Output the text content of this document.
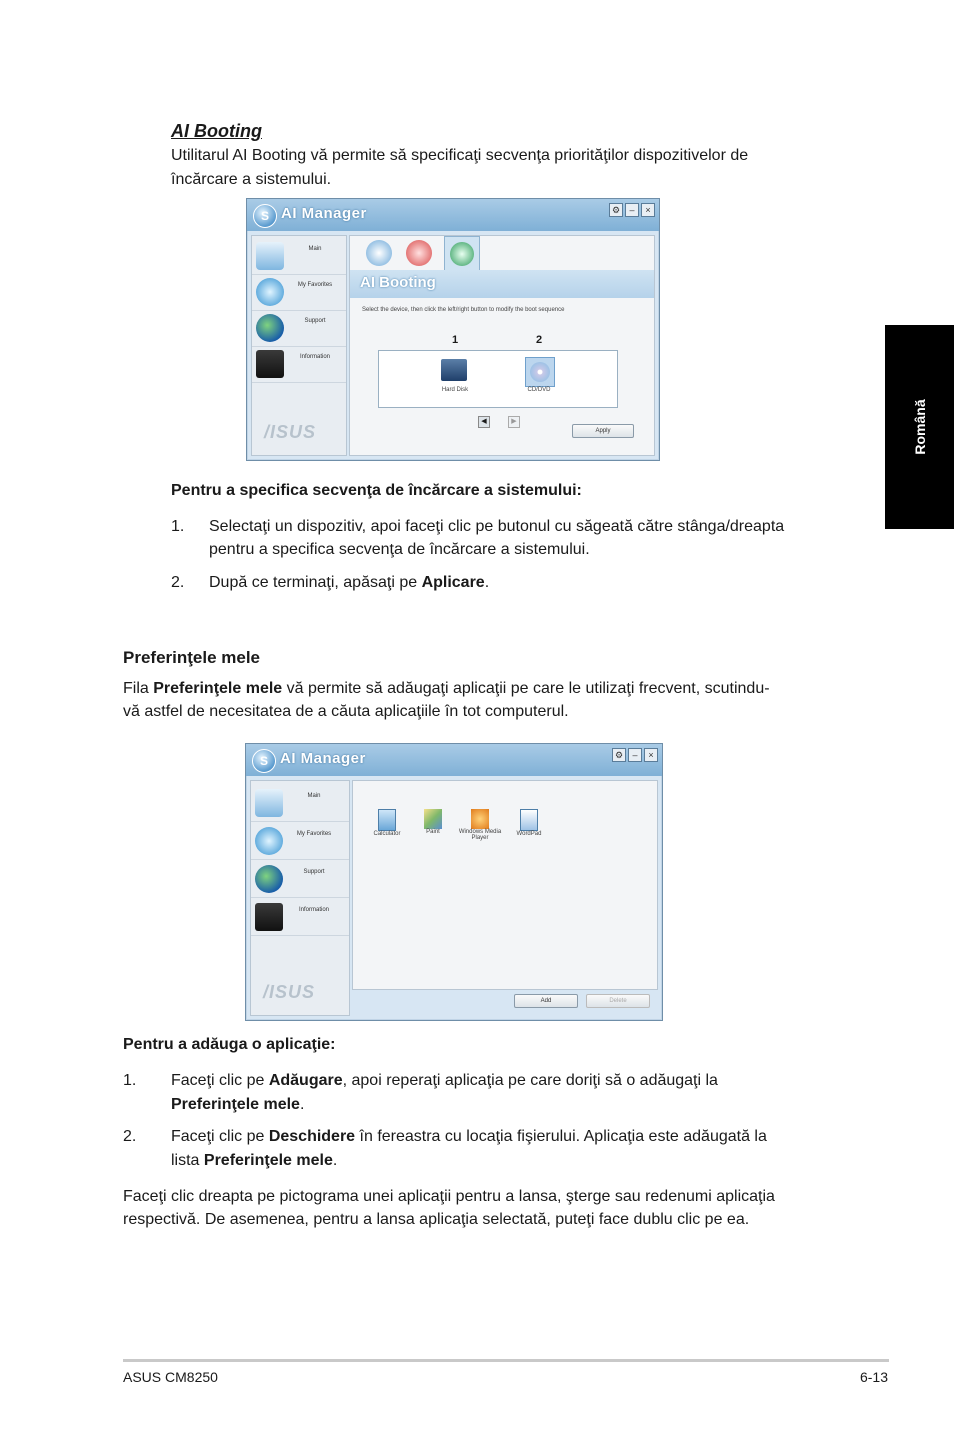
AI Booting
Utilitarul AI Booting vă permite să specificaţi secvenţa priorităţilor dispozitivelor de
încărcare a sistemului.
S AI Manager	⚙	–	×
Main
My Favorites
Support
Information
/ISUS
AI Booting
Select the device, then click the left/right button to modify the boot sequence
1	2
Hard Disk	CD/DVD
◀	▶
Apply
Pentru a specifica secvenţa de încărcare a sistemului:
1. Selectaţi un dispozitiv, apoi faceţi clic pe butonul cu săgeată către stânga/dreapta
pentru a specifica secvenţa de încărcare a sistemului.
2. După ce terminaţi, apăsaţi pe Aplicare.
Preferinţele mele
Fila Preferinţele mele vă permite să adăugaţi aplicaţii pe care le utilizaţi frecvent, scutindu-
vă astfel de necesitatea de a căuta aplicaţiile în tot computerul.
S AI Manager	⚙	–	×
Main
My Favorites
Support
Information
/ISUS
Calculator	Paint	Windows Media Player
WordPad
Add	Delete
Pentru a adăuga o aplicaţie:
1. Faceţi clic pe Adăugare, apoi reperaţi aplicaţia pe care doriţi să o adăugaţi la
Preferinţele mele.
2. Faceţi clic pe Deschidere în fereastra cu locaţia fişierului. Aplicaţia este adăugată la
lista Preferinţele mele.
Faceţi clic dreapta pe pictograma unei aplicaţii pentru a lansa, şterge sau redenumi aplicaţia
respectivă. De asemenea, pentru a lansa aplicaţia selectată, puteţi face dublu clic pe ea.
Română
ASUS CM8250	6-13
